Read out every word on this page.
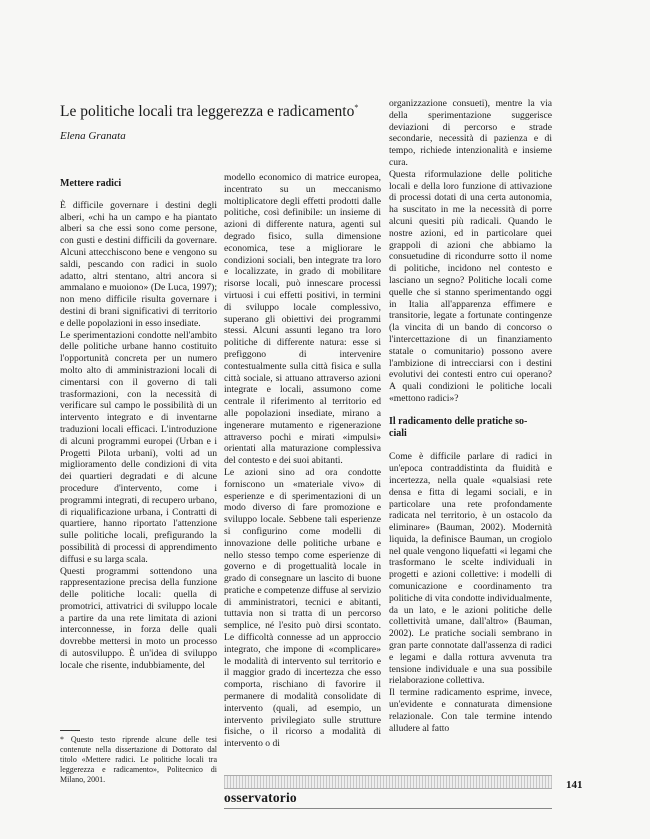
Le politiche locali tra leggerezza e radicamento*
Elena Granata
Mettere radici

È difficile governare i destini degli alberi, «chi ha un campo e ha piantato alberi sa che essi sono come persone, con gusti e destini difficili da governare. Alcuni attecchiscono bene e vengono su saldi, pescando con radici in suolo adatto, altri stentano, altri ancora si ammalano e muoiono» (De Luca, 1997); non meno difficile risulta governare i destini di brani significativi di territorio e delle popolazioni in esso insediate.

Le sperimentazioni condotte nell'ambito delle politiche urbane hanno costituito l'opportunità concreta per un numero molto alto di amministrazioni locali di cimentarsi con il governo di tali trasformazioni, con la necessità di verificare sul campo le possibilità di un intervento integrato e di inventarne traduzioni locali efficaci. L'introduzione di alcuni programmi europei (Urban e i Progetti Pilota urbani), volti ad un miglioramento delle condizioni di vita dei quartieri degradati e di alcune procedure d'intervento, come i programmi integrati, di recupero urbano, di riqualificazione urbana, i Contratti di quartiere, hanno riportato l'attenzione sulle politiche locali, prefigurando la possibilità di processi di apprendimento diffusi e su larga scala.

Questi programmi sottendono una rappresentazione precisa della funzione delle politiche locali: quella di promotrici, attivatrici di sviluppo locale a partire da una rete limitata di azioni interconnesse, in forza delle quali dovrebbe mettersi in moto un processo di autosviluppo. È un'idea di sviluppo locale che risente, indubbiamente, del

* Questo testo riprende alcune delle tesi contenute nella dissertazione di Dottorato dal titolo «Mettere radici. Le politiche locali tra leggerezza e radicamento», Politecnico di Milano, 2001.

modello economico di matrice europea, incentrato su un meccanismo moltiplicatore degli effetti prodotti dalle politiche, così definibile: un insieme di azioni di differente natura, agenti sul degrado fisico, sulla dimensione economica, tese a migliorare le condizioni sociali, ben integrate tra loro e localizzate, in grado di mobilitare risorse locali, può innescare processi virtuosi i cui effetti positivi, in termini di sviluppo locale complessivo, superano gli obiettivi dei programmi stessi. Alcuni assunti legano tra loro politiche di differente natura: esse si prefiggono di intervenire contestualmente sulla città fisica e sulla città sociale, si attuano attraverso azioni integrate e locali, assumono come centrale il riferimento al territorio ed alle popolazioni insediate, mirano a ingenerare mutamento e rigenerazione attraverso pochi e mirati «impulsi» orientati alla maturazione complessiva del contesto e dei suoi abitanti.

Le azioni sino ad ora condotte forniscono un «materiale vivo» di esperienze e di sperimentazioni di un modo diverso di fare promozione e sviluppo locale. Sebbene tali esperienze si configurino come modelli di innovazione delle politiche urbane e nello stesso tempo come esperienze di governo e di progettualità locale in grado di consegnare un lascito di buone pratiche e competenze diffuse al servizio di amministratori, tecnici e abitanti, tuttavia non si tratta di un percorso semplice, né l'esito può dirsi scontato. Le difficoltà connesse ad un approccio integrato, che impone di «complicare» le modalità di intervento sul territorio e il maggior grado di incertezza che esso comporta, rischiano di favorire il permanere di modalità consolidate di intervento (quali, ad esempio, un intervento privilegiato sulle strutture fisiche, o il ricorso a modalità di intervento o di

organizzazione consueti), mentre la via della sperimentazione suggerisce deviazioni di percorso e strade secondarie, necessità di pazienza e di tempo, richiede intenzionalità e insieme cura.

Questa riformulazione delle politiche locali e della loro funzione di attivazione di processi dotati di una certa autonomia, ha suscitato in me la necessità di porre alcuni quesiti più radicali. Quando le nostre azioni, ed in particolare quei grappoli di azioni che abbiamo la consuetudine di ricondurre sotto il nome di politiche, incidono nel contesto e lasciano un segno? Politiche locali come quelle che si stanno sperimentando oggi in Italia all'apparenza effimere e transitorie, legate a fortunate contingenze (la vincita di un bando di concorso o l'intercettazione di un finanziamento statale o comunitario) possono avere l'ambizione di intrecciarsi con i destini evolutivi dei contesti entro cui operano? A quali condizioni le politiche locali «mettono radici»?

Il radicamento delle pratiche so-
ciali

Come è difficile parlare di radici in un'epoca contraddistinta da fluidità e incertezza, nella quale «qualsiasi rete densa e fitta di legami sociali, e in particolare una rete profondamente radicata nel territorio, è un ostacolo da eliminare» (Bauman, 2002). Modernità liquida, la definisce Bauman, un crogiolo nel quale vengono liquefatti «i legami che trasformano le scelte individuali in progetti e azioni collettive: i modelli di comunicazione e coordinamento tra politiche di vita condotte individualmente, da un lato, e le azioni politiche delle collettività umane, dall'altro» (Bauman, 2002). Le pratiche sociali sembrano in gran parte connotate dall'assenza di radici e legami e dalla rottura avvenuta tra tensione individuale e una sua possibile rielaborazione collettiva.

Il termine radicamento esprime, invece, un'evidente e connaturata dimensione relazionale. Con tale termine intendo alludere al fatto

141
osservatorio
